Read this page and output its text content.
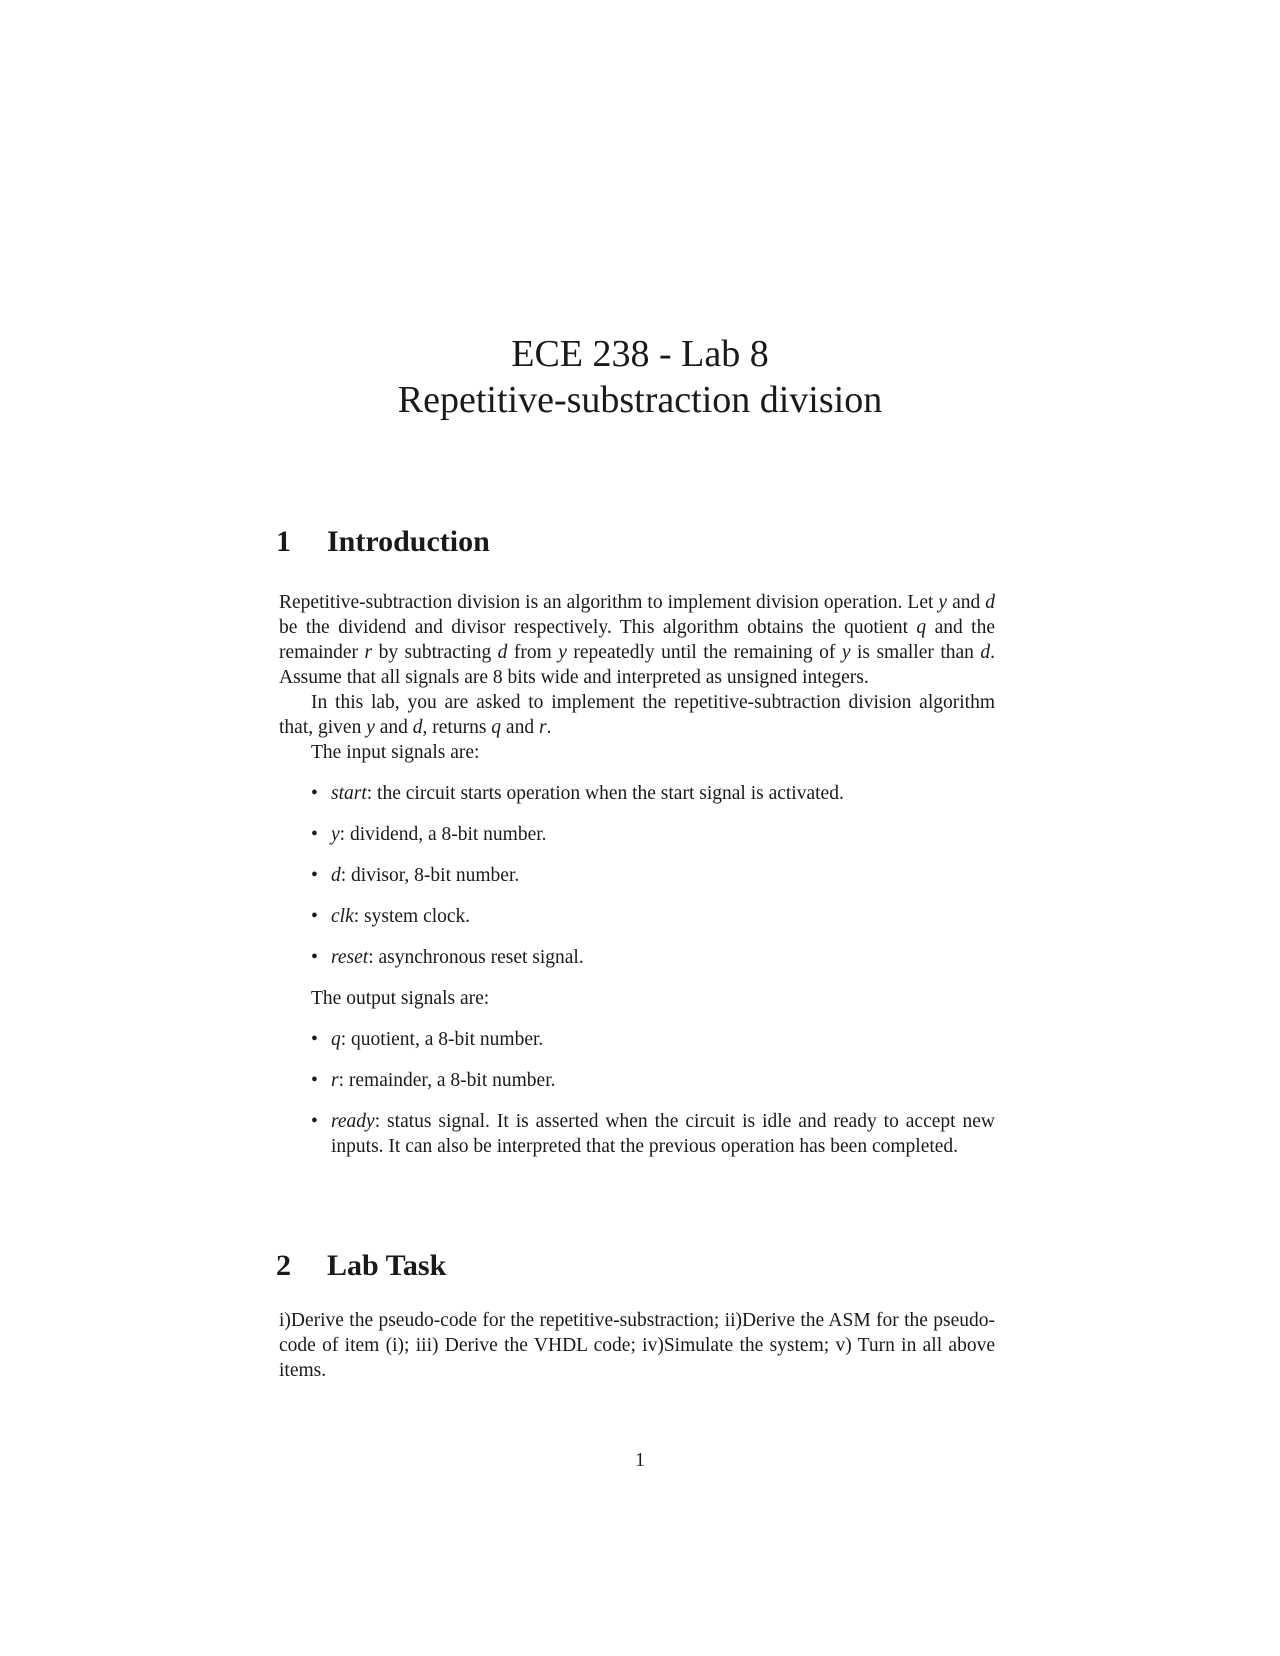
ECE 238 - Lab 8
Repetitive-substraction division
1 Introduction

Repetitive-subtraction division is an algorithm to implement division operation. Let y and d be the dividend and divisor respectively. This algorithm obtains the quotient q and the remainder r by subtracting d from y repeatedly until the remaining of y is smaller than d. Assume that all signals are 8 bits wide and interpreted as unsigned integers.

In this lab, you are asked to implement the repetitive-subtraction division algorithm that, given y and d, returns q and r.

The input signals are:

• start: the circuit starts operation when the start signal is activated.
• y: dividend, a 8-bit number.
• d: divisor, 8-bit number.
• clk: system clock.
• reset: asynchronous reset signal.

The output signals are:

• q: quotient, a 8-bit number.
• r: remainder, a 8-bit number.
• ready: status signal. It is asserted when the circuit is idle and ready to accept new inputs. It can also be interpreted that the previous operation has been completed.
2 Lab Task

i)Derive the pseudo-code for the repetitive-substraction; ii)Derive the ASM for the pseudo-code of item (i); iii) Derive the VHDL code; iv)Simulate the system; v) Turn in all above items.

1
